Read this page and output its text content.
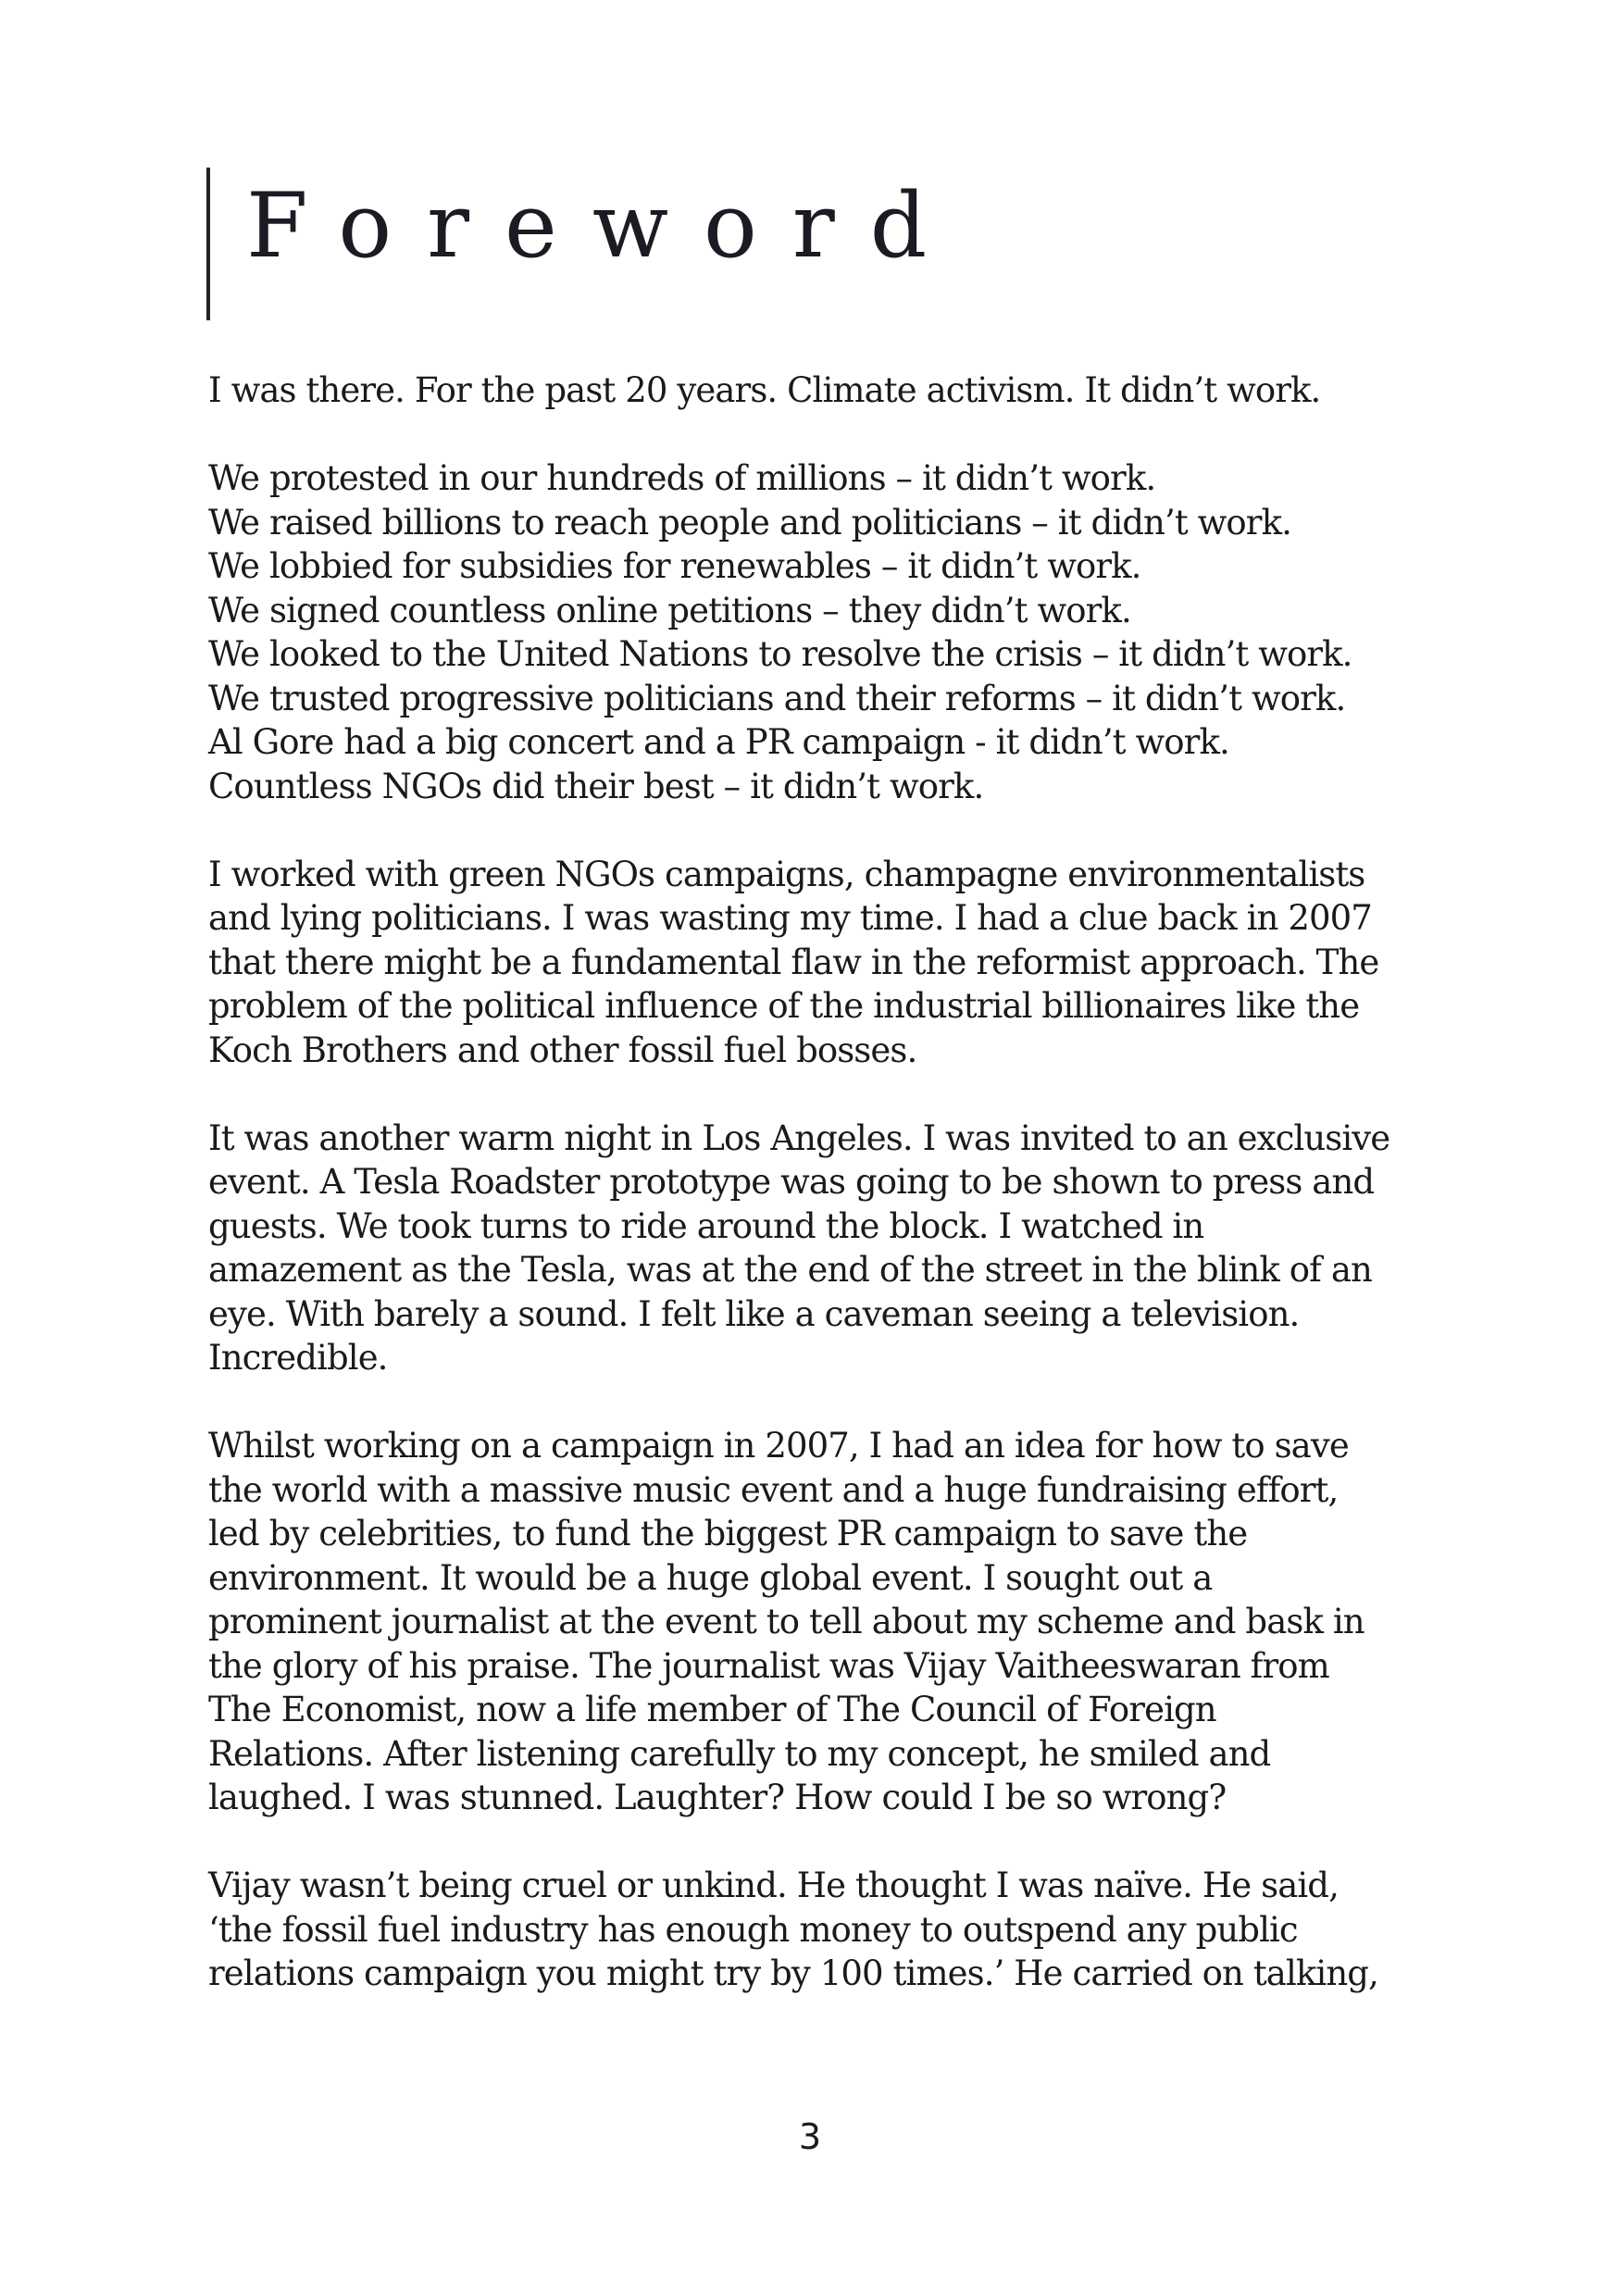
Foreword

I was there. For the past 20 years. Climate activism. It didn’t work.

We protested in our hundreds of millions – it didn’t work.
We raised billions to reach people and politicians – it didn’t work.
We lobbied for subsidies for renewables – it didn’t work.
We signed countless online petitions – they didn’t work.
We looked to the United Nations to resolve the crisis – it didn’t work.
We trusted progressive politicians and their reforms – it didn’t work.
Al Gore had a big concert and a PR campaign - it didn’t work.
Countless NGOs did their best – it didn’t work.

I worked with green NGOs campaigns, champagne environmentalists
and lying politicians. I was wasting my time. I had a clue back in 2007
that there might be a fundamental flaw in the reformist approach. The
problem of the political influence of the industrial billionaires like the
Koch Brothers and other fossil fuel bosses.

It was another warm night in Los Angeles. I was invited to an exclusive
event. A Tesla Roadster prototype was going to be shown to press and
guests. We took turns to ride around the block. I watched in
amazement as the Tesla, was at the end of the street in the blink of an
eye. With barely a sound. I felt like a caveman seeing a television.
Incredible.

Whilst working on a campaign in 2007, I had an idea for how to save
the world with a massive music event and a huge fundraising effort,
led by celebrities, to fund the biggest PR campaign to save the
environment. It would be a huge global event. I sought out a
prominent journalist at the event to tell about my scheme and bask in
the glory of his praise. The journalist was Vijay Vaitheeswaran from
The Economist, now a life member of The Council of Foreign
Relations. After listening carefully to my concept, he smiled and
laughed. I was stunned. Laughter? How could I be so wrong?

Vijay wasn’t being cruel or unkind. He thought I was naïve. He said,
‘the fossil fuel industry has enough money to outspend any public
relations campaign you might try by 100 times.’ He carried on talking,

3
